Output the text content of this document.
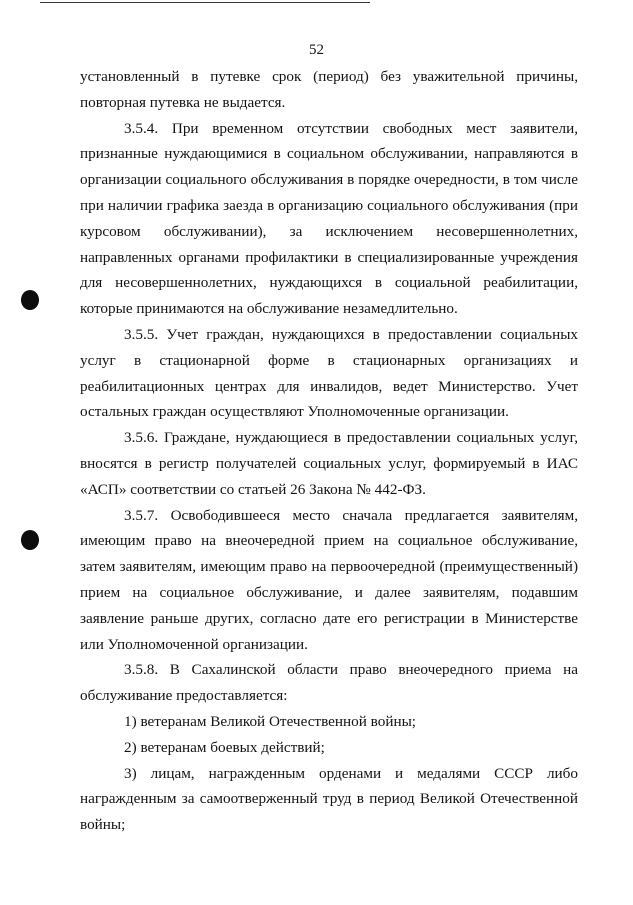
52

установленный в путевке срок (период) без уважительной причины, повторная путевка не выдается.

3.5.4. При временном отсутствии свободных мест заявители, признанные нуждающимися в социальном обслуживании, направляются в организации социального обслуживания в порядке очередности, в том числе при наличии графика заезда в организацию социального обслуживания (при курсовом обслуживании), за исключением несовершеннолетних, направленных органами профилактики в специализированные учреждения для несовершеннолетних, нуждающихся в социальной реабилитации, которые принимаются на обслуживание незамедлительно.

3.5.5. Учет граждан, нуждающихся в предоставлении социальных услуг в стационарной форме в стационарных организациях и реабилитационных центрах для инвалидов, ведет Министерство. Учет остальных граждан осуществляют Уполномоченные организации.

3.5.6. Граждане, нуждающиеся в предоставлении социальных услуг, вносятся в регистр получателей социальных услуг, формируемый в ИАС «АСП» соответствии со статьей 26 Закона № 442-ФЗ.

3.5.7. Освободившееся место сначала предлагается заявителям, имеющим право на внеочередной прием на социальное обслуживание, затем заявителям, имеющим право на первоочередной (преимущественный) прием на социальное обслуживание, и далее заявителям, подавшим заявление раньше других, согласно дате его регистрации в Министерстве или Уполномоченной организации.

3.5.8. В Сахалинской области право внеочередного приема на обслуживание предоставляется:

1) ветеранам Великой Отечественной войны;

2) ветеранам боевых действий;

3) лицам, награжденным орденами и медалями СССР либо награжденным за самоотверженный труд в период Великой Отечественной войны;
